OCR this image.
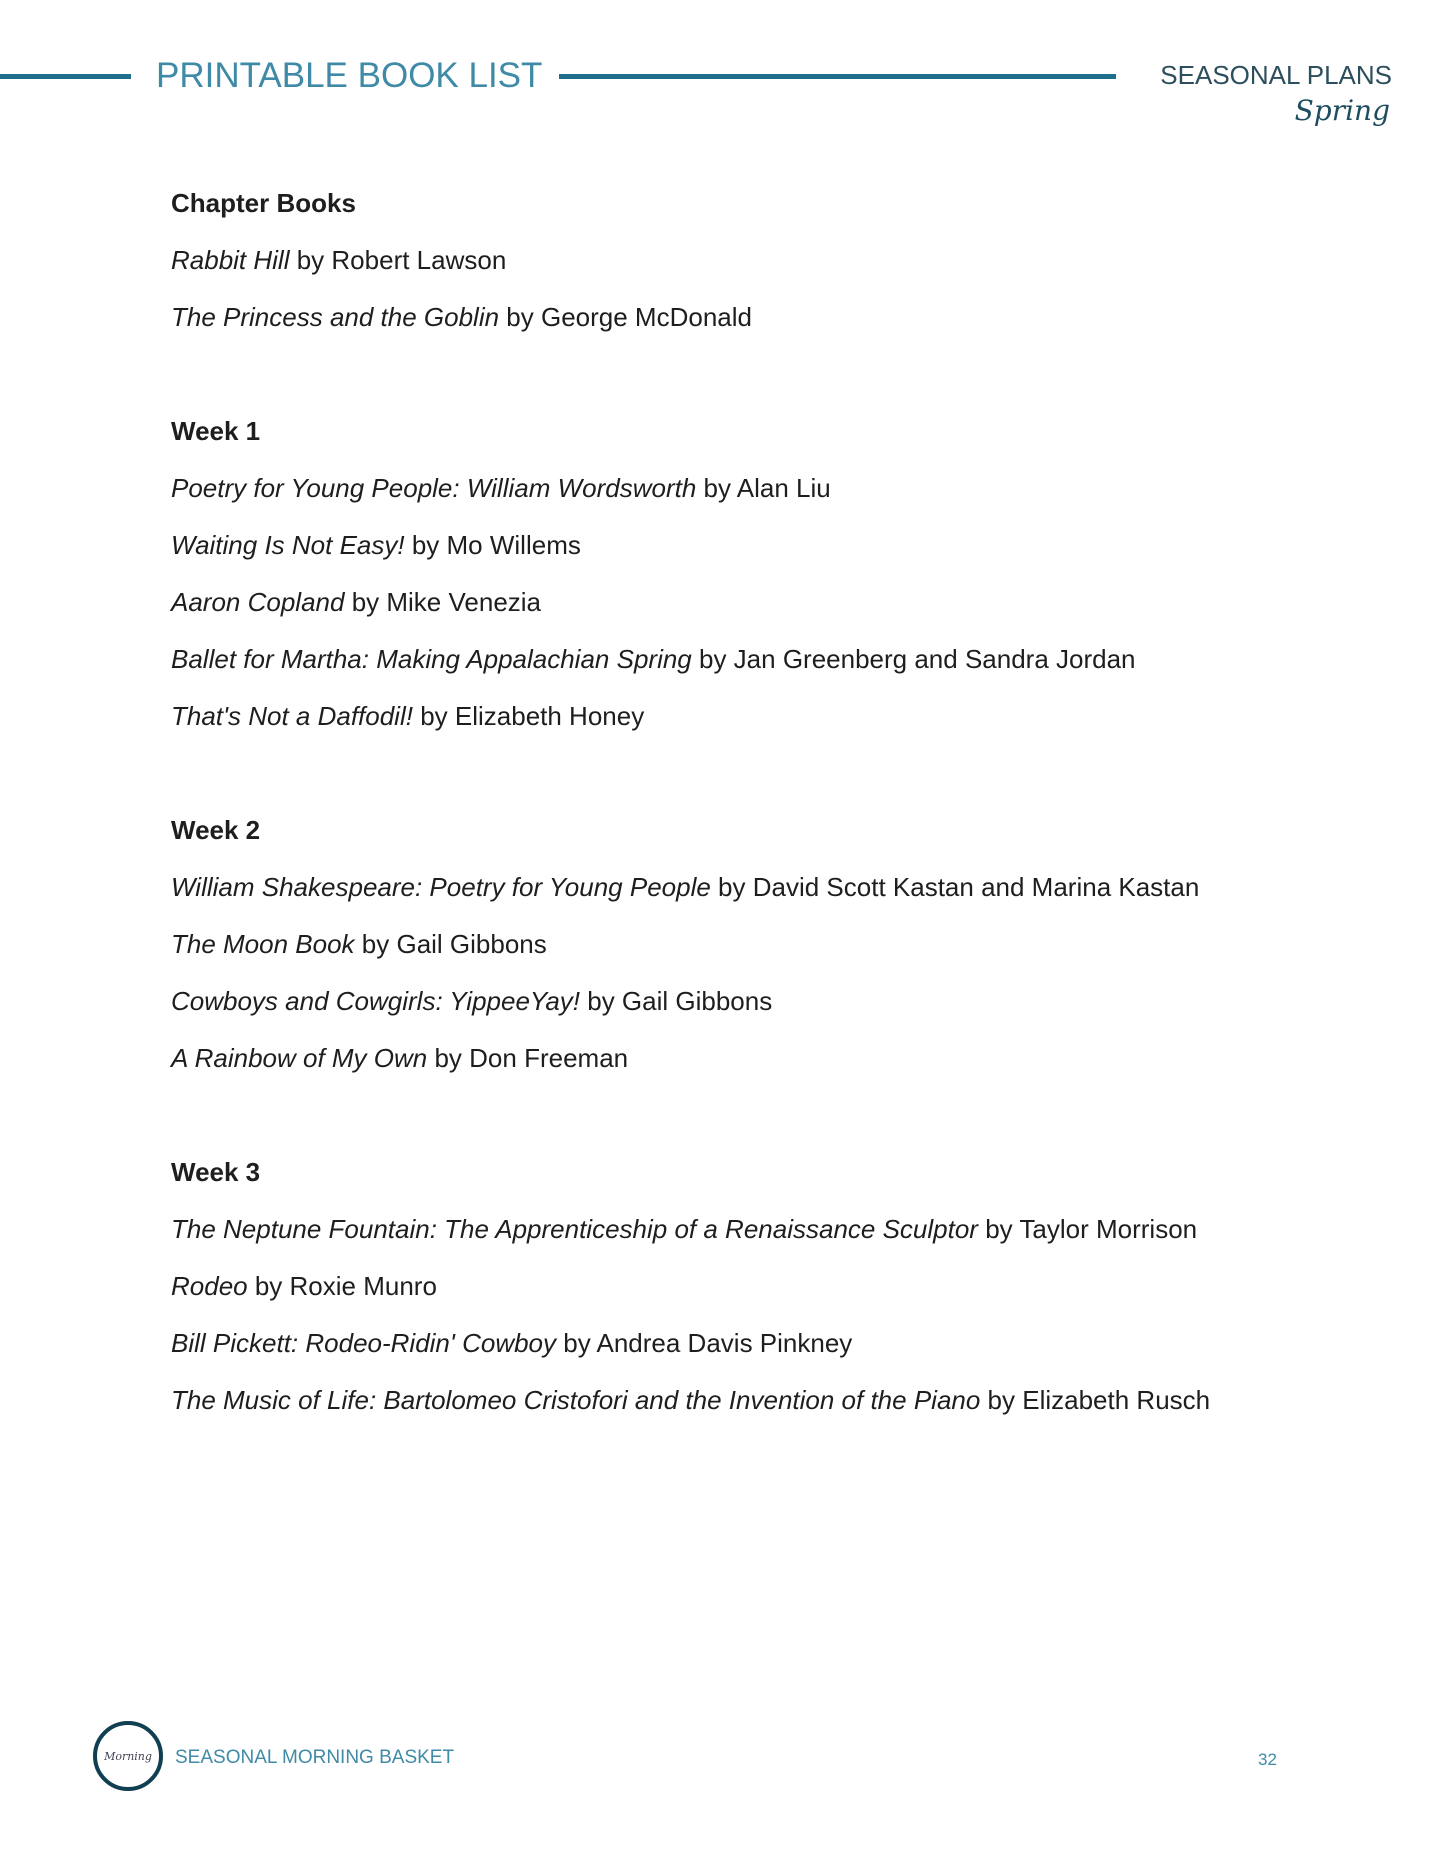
PRINTABLE BOOK LIST	SEASONAL PLANS
Spring
Chapter Books
Rabbit Hill by Robert Lawson
The Princess and the Goblin by George McDonald
Week 1
Poetry for Young People: William Wordsworth by Alan Liu
Waiting Is Not Easy! by Mo Willems
Aaron Copland by Mike Venezia
Ballet for Martha: Making Appalachian Spring by Jan Greenberg and Sandra Jordan
That's Not a Daffodil! by Elizabeth Honey
Week 2
William Shakespeare: Poetry for Young People by David Scott Kastan and Marina Kastan
The Moon Book by Gail Gibbons
Cowboys and Cowgirls: YippeeYay! by Gail Gibbons
A Rainbow of My Own by Don Freeman
Week 3
The Neptune Fountain: The Apprenticeship of a Renaissance Sculptor by Taylor Morrison
Rodeo by Roxie Munro
Bill Pickett: Rodeo-Ridin' Cowboy by Andrea Davis Pinkney
The Music of Life: Bartolomeo Cristofori and the Invention of the Piano by Elizabeth Rusch
Morning SEASONAL MORNING BASKET	32
